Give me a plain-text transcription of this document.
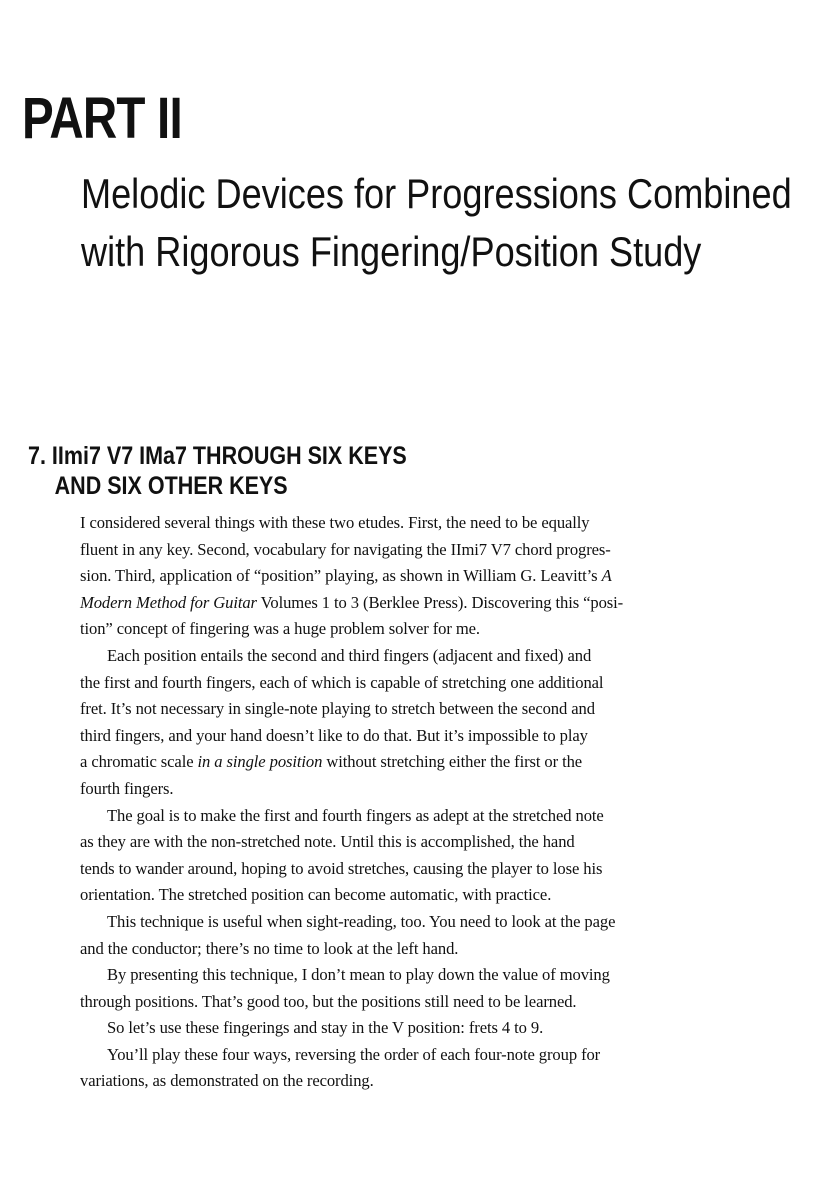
PART II
Melodic Devices for Progressions Combined
with Rigorous Fingering/Position Study
7. IImi7 V7 IMa7 THROUGH SIX KEYS
AND SIX OTHER KEYS

I considered several things with these two etudes. First, the need to be equally
fluent in any key. Second, vocabulary for navigating the IImi7 V7 chord progres-
sion. Third, application of “position” playing, as shown in William G. Leavitt’s A
Modern Method for Guitar Volumes 1 to 3 (Berklee Press). Discovering this “posi-
tion” concept of fingering was a huge problem solver for me.

Each position entails the second and third fingers (adjacent and fixed) and
the first and fourth fingers, each of which is capable of stretching one additional
fret. It’s not necessary in single-note playing to stretch between the second and
third fingers, and your hand doesn’t like to do that. But it’s impossible to play
a chromatic scale in a single position without stretching either the first or the
fourth fingers.

The goal is to make the first and fourth fingers as adept at the stretched note
as they are with the non-stretched note. Until this is accomplished, the hand
tends to wander around, hoping to avoid stretches, causing the player to lose his
orientation. The stretched position can become automatic, with practice.

This technique is useful when sight-reading, too. You need to look at the page
and the conductor; there’s no time to look at the left hand.

By presenting this technique, I don’t mean to play down the value of moving
through positions. That’s good too, but the positions still need to be learned.

So let’s use these fingerings and stay in the V position: frets 4 to 9.

You’ll play these four ways, reversing the order of each four-note group for
variations, as demonstrated on the recording.
